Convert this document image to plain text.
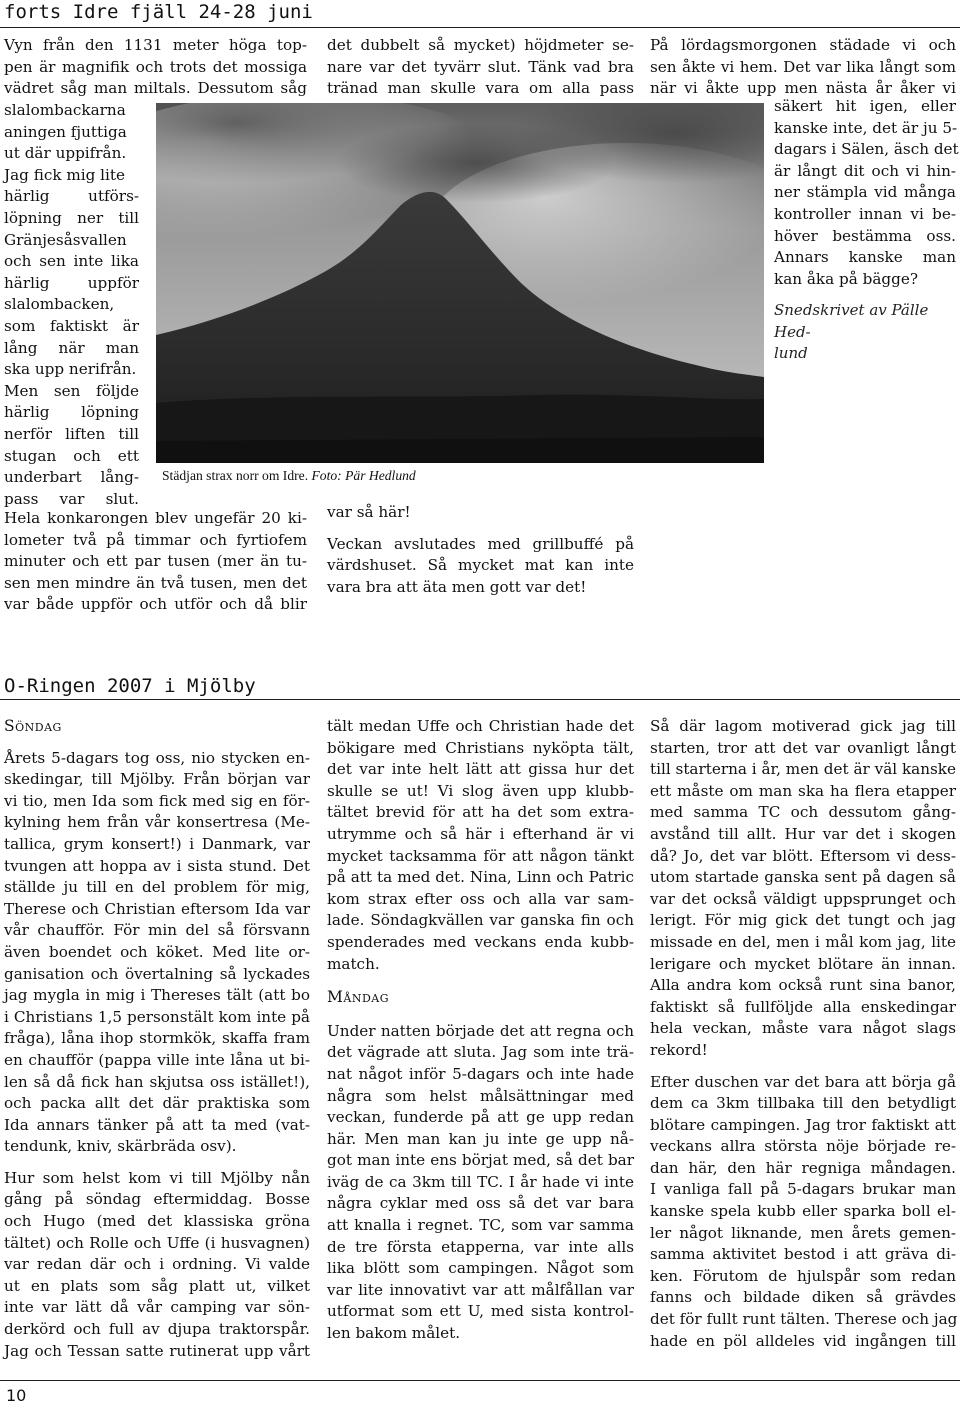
forts Idre fjäll 24-28 juni
Vyn från den 1131 meter höga top-
pen är magnifik och trots det mossiga
vädret såg man miltals. Dessutom såg
slalombackarna
aningen fjuttiga
ut där uppifrån.
Jag fick mig lite
härlig utförs-
löpning ner till
Gränjesåsvallen
och sen inte lika
härlig uppför
slalombacken,
som faktiskt är
lång när man
ska upp nerifrån.
Men sen följde
härlig löpning
nerför liften till
stugan och ett
underbart lång-
pass var slut.
Hela konkarongen blev ungefär 20 ki-
lometer två på timmar och fyrtiofem
minuter och ett par tusen (mer än tu-
sen men mindre än två tusen, men det
var både uppför och utför och då blir
det dubbelt så mycket) höjdmeter se-
nare var det tyvärr slut. Tänk vad bra
tränad man skulle vara om alla pass
På lördagsmorgonen städade vi och
sen åkte vi hem. Det var lika långt som
när vi åkte upp men nästa år åker vi
säkert hit igen, eller
kanske inte, det är ju 5-
dagars i Sälen, äsch det
är långt dit och vi hin-
ner stämpla vid många
kontroller innan vi be-
höver bestämma oss.
Annars kanske man
kan åka på bägge?
Snedskrivet av Pälle Hed-
lund
Städjan strax norr om Idre. Foto: Pär Hedlund
var så här!
Veckan avslutades med grillbuffé på
värdshuset. Så mycket mat kan inte
vara bra att äta men gott var det!
O-Ringen 2007 i Mjölby
Söndag
Årets 5-dagars tog oss, nio stycken en-
skedingar, till Mjölby. Från början var
vi tio, men Ida som fick med sig en för-
kylning hem från vår konsertresa (Me-
tallica, grym konsert!) i Danmark, var
tvungen att hoppa av i sista stund. Det
ställde ju till en del problem för mig,
Therese och Christian eftersom Ida var
vår chaufför. För min del så försvann
även boendet och köket. Med lite or-
ganisation och övertalning så lyckades
jag mygla in mig i Thereses tält (att bo
i Christians 1,5 personstält kom inte på
fråga), låna ihop stormkök, skaffa fram
en chaufför (pappa ville inte låna ut bi-
len så då fick han skjutsa oss istället!),
och packa allt det där praktiska som
Ida annars tänker på att ta med (vat-
tendunk, kniv, skärbräda osv).
Hur som helst kom vi till Mjölby nån
gång på söndag eftermiddag. Bosse
och Hugo (med det klassiska gröna
tältet) och Rolle och Uffe (i husvagnen)
var redan där och i ordning. Vi valde
ut en plats som såg platt ut, vilket
inte var lätt då vår camping var sön-
derkörd och full av djupa traktorspår.
Jag och Tessan satte rutinerat upp vårt
tält medan Uffe och Christian hade det
bökigare med Christians nyköpta tält,
det var inte helt lätt att gissa hur det
skulle se ut! Vi slog även upp klubb-
tältet brevid för att ha det som extra-
utrymme och så här i efterhand är vi
mycket tacksamma för att någon tänkt
på att ta med det. Nina, Linn och Patric
kom strax efter oss och alla var sam-
lade. Söndagkvällen var ganska fin och
spenderades med veckans enda kubb-
match.
Måndag
Under natten började det att regna och
det vägrade att sluta. Jag som inte trä-
nat något inför 5-dagars och inte hade
några som helst målsättningar med
veckan, funderde på att ge upp redan
här. Men man kan ju inte ge upp nå-
got man inte ens börjat med, så det bar
iväg de ca 3km till TC. I år hade vi inte
några cyklar med oss så det var bara
att knalla i regnet. TC, som var samma
de tre första etapperna, var inte alls
lika blött som campingen. Något som
var lite innovativt var att målfållan var
utformat som ett U, med sista kontrol-
len bakom målet.
Så där lagom motiverad gick jag till
starten, tror att det var ovanligt långt
till starterna i år, men det är väl kanske
ett måste om man ska ha flera etapper
med samma TC och dessutom gång-
avstånd till allt. Hur var det i skogen
då? Jo, det var blött. Eftersom vi dess-
utom startade ganska sent på dagen så
var det också väldigt uppsprunget och
lerigt. För mig gick det tungt och jag
missade en del, men i mål kom jag, lite
lerigare och mycket blötare än innan.
Alla andra kom också runt sina banor,
faktiskt så fullföljde alla enskedingar
hela veckan, måste vara något slags
rekord!
Efter duschen var det bara att börja gå
dem ca 3km tillbaka till den betydligt
blötare campingen. Jag tror faktiskt att
veckans allra största nöje började re-
dan här, den här regniga måndagen.
I vanliga fall på 5-dagars brukar man
kanske spela kubb eller sparka boll el-
ler något liknande, men årets gemen-
samma aktivitet bestod i att gräva di-
ken. Förutom de hjulspår som redan
fanns och bildade diken så grävdes
det för fullt runt tälten. Therese och jag
hade en pöl alldeles vid ingången till
10
